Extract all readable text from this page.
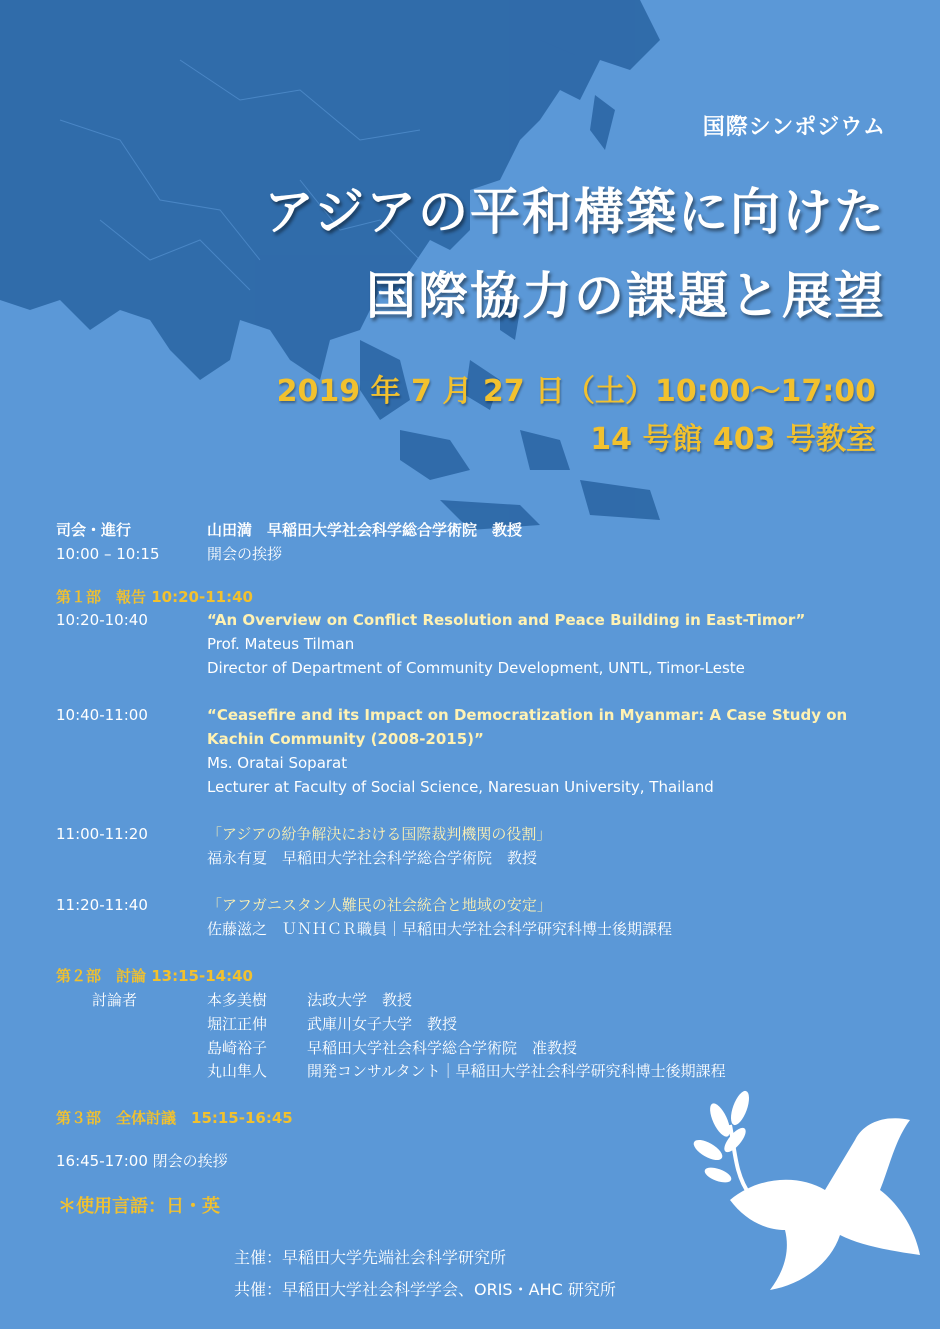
国際シンポジウム
アジアの平和構築に向けた
国際協力の課題と展望
2019 年 7 月 27 日（土）10:00～17:00
14 号館 403 号教室
司会・進行	山田満　早稲田大学社会科学総合学術院　教授
10:00 – 10:15	開会の挨拶
第１部　報告 10:20-11:40
10:20-10:40	“An Overview on Conflict Resolution and Peace Building in East-Timor”
Prof. Mateus Tilman
Director of Department of Community Development, UNTL, Timor-Leste
10:40-11:00	“Ceasefire and its Impact on Democratization in Myanmar: A Case Study on Kachin Community (2008-2015)”
Ms. Oratai Soparat
Lecturer at Faculty of Social Science, Naresuan University, Thailand
11:00-11:20	「アジアの紛争解決における国際裁判機関の役割」
福永有夏　早稲田大学社会科学総合学術院　教授
11:20-11:40	「アフガニスタン人難民の社会統合と地域の安定」
佐藤滋之　ＵＮＨＣＲ職員｜早稲田大学社会科学研究科博士後期課程
第２部　討論 13:15-14:40
討論者	本多美樹	法政大学　教授
堀江正伸	武庫川女子大学　教授
島崎裕子	早稲田大学社会科学総合学術院　准教授
丸山隼人	開発コンサルタント｜早稲田大学社会科学研究科博士後期課程
第３部　全体討議　15:15-16:45
16:45-17:00 閉会の挨拶
＊使用言語：日・英
主催：早稲田大学先端社会科学研究所
共催：早稲田大学社会科学学会、ORIS・AHC 研究所
